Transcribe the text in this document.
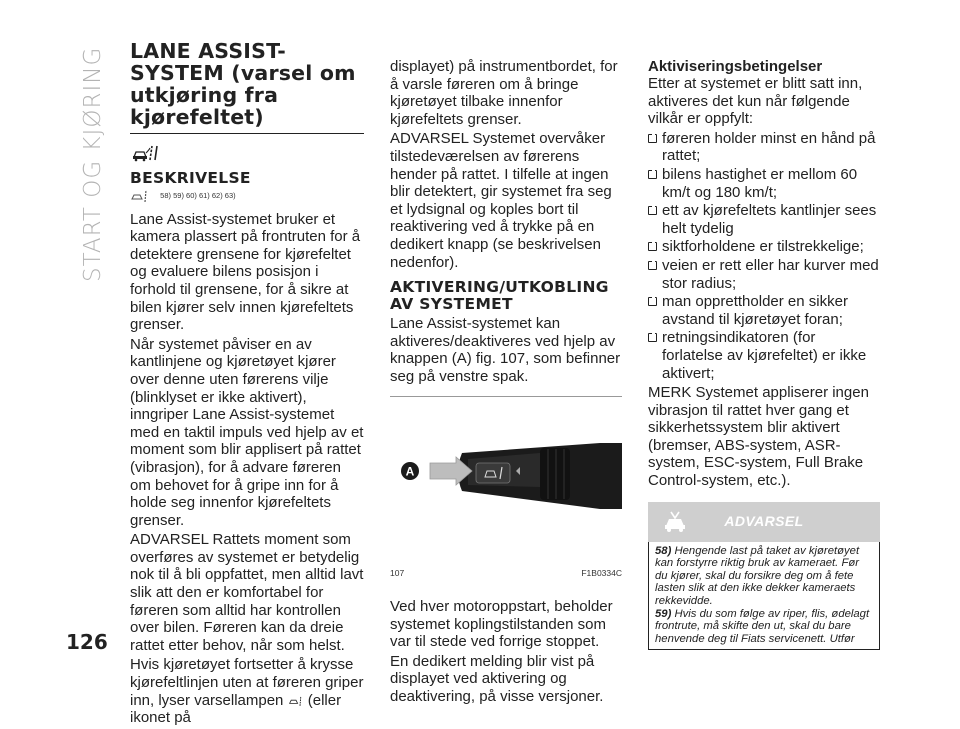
START OG KJØRING
126
LANE ASSIST-SYSTEM (varsel om utkjøring fra kjørefeltet)
BESKRIVELSE
58) 59) 60) 61) 62) 63)

Lane Assist-systemet bruker et kamera plassert på frontruten for å detektere grensene for kjørefeltet og evaluere bilens posisjon i forhold til grensene, for å sikre at bilen kjører selv innen kjørefeltets grenser.

Når systemet påviser en av kantlinjene og kjøretøyet kjører over denne uten førerens vilje (blinklyset er ikke aktivert), inngriper Lane Assist-systemet med en taktil impuls ved hjelp av et moment som blir applisert på rattet (vibrasjon), for å advare føreren om behovet for å gripe inn for å holde seg innenfor kjørefeltets grenser.

ADVARSEL Rattets moment som overføres av systemet er betydelig nok til å bli oppfattet, men alltid lavt slik att den er komfortabel for føreren som alltid har kontrollen over bilen. Føreren kan da dreie rattet etter behov, når som helst.

Hvis kjøretøyet fortsetter å krysse kjørefeltlinjen uten at føreren griper inn, lyser varsellampen (eller ikonet på

displayet) på instrumentbordet, for å varsle føreren om å bringe kjøretøyet tilbake innenfor kjørefeltets grenser.

ADVARSEL Systemet overvåker tilstedeværelsen av førerens hender på rattet. I tilfelle at ingen blir detektert, gir systemet fra seg et lydsignal og koples bort til reaktivering ved å trykke på en dedikert knapp (se beskrivelsen nedenfor).

AKTIVERING/UTKOBLING AV SYSTEMET

Lane Assist-systemet kan aktiveres/deaktiveres ved hjelp av knappen (A) fig. 107, som befinner seg på venstre spak.

A
107	F1B0334C

Ved hver motoroppstart, beholder systemet koplingstilstanden som var til stede ved forrige stoppet.

En dedikert melding blir vist på displayet ved aktivering og deaktivering, på visse versjoner.

Aktiviseringsbetingelser

Etter at systemet er blitt satt inn, aktiveres det kun når følgende vilkår er oppfylt:

føreren holder minst en hånd på rattet;
bilens hastighet er mellom 60 km/t og 180 km/t;
ett av kjørefeltets kantlinjer sees helt tydelig
siktforholdene er tilstrekkelige;
veien er rett eller har kurver med stor radius;
man opprettholder en sikker avstand til kjøretøyet foran;
retningsindikatoren (for forlatelse av kjørefeltet) er ikke aktivert;

MERK Systemet appliserer ingen vibrasjon til rattet hver gang et sikkerhetssystem blir aktivert (bremser, ABS-system, ASR-system, ESC-system, Full Brake Control-system, etc.).

ADVARSEL
58) Hengende last på taket av kjøretøyet kan forstyrre riktig bruk av kameraet. Før du kjører, skal du forsikre deg om å fete lasten slik at den ikke dekker kameraets rekkevidde.
59) Hvis du som følge av riper, flis, ødelagt frontrute, må skifte den ut, skal du bare henvende deg til Fiats servicenett. Utfør
